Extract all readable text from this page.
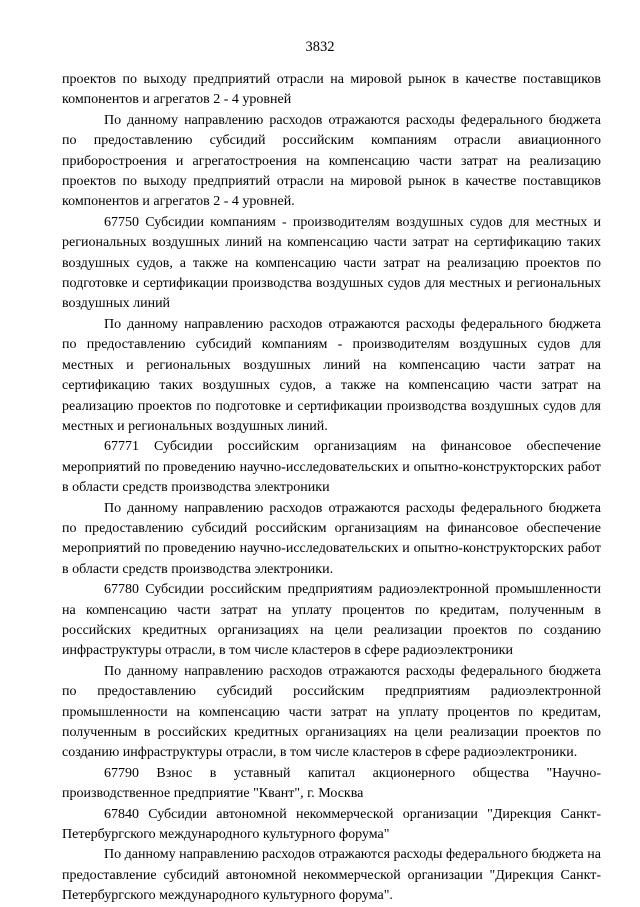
3832

проектов по выходу предприятий отрасли на мировой рынок в качестве поставщиков компонентов и агрегатов 2 - 4 уровней

По данному направлению расходов отражаются расходы федерального бюджета по предоставлению субсидий российским компаниям отрасли авиационного приборостроения и агрегатостроения на компенсацию части затрат на реализацию проектов по выходу предприятий отрасли на мировой рынок в качестве поставщиков компонентов и агрегатов 2 - 4 уровней.

67750 Субсидии компаниям - производителям воздушных судов для местных и региональных воздушных линий на компенсацию части затрат на сертификацию таких воздушных судов, а также на компенсацию части затрат на реализацию проектов по подготовке и сертификации производства воздушных судов для местных и региональных воздушных линий

По данному направлению расходов отражаются расходы федерального бюджета по предоставлению субсидий компаниям - производителям воздушных судов для местных и региональных воздушных линий на компенсацию части затрат на сертификацию таких воздушных судов, а также на компенсацию части затрат на реализацию проектов по подготовке и сертификации производства воздушных судов для местных и региональных воздушных линий.

67771 Субсидии российским организациям на финансовое обеспечение мероприятий по проведению научно-исследовательских и опытно-конструкторских работ в области средств производства электроники

По данному направлению расходов отражаются расходы федерального бюджета по предоставлению субсидий российским организациям на финансовое обеспечение мероприятий по проведению научно-исследовательских и опытно-конструкторских работ в области средств производства электроники.

67780 Субсидии российским предприятиям радиоэлектронной промышленности на компенсацию части затрат на уплату процентов по кредитам, полученным в российских кредитных организациях на цели реализации проектов по созданию инфраструктуры отрасли, в том числе кластеров в сфере радиоэлектроники

По данному направлению расходов отражаются расходы федерального бюджета по предоставлению субсидий российским предприятиям радиоэлектронной промышленности на компенсацию части затрат на уплату процентов по кредитам, полученным в российских кредитных организациях на цели реализации проектов по созданию инфраструктуры отрасли, в том числе кластеров в сфере радиоэлектроники.

67790 Взнос в уставный капитал акционерного общества "Научно-производственное предприятие "Квант", г. Москва

67840 Субсидии автономной некоммерческой организации "Дирекция Санкт-Петербургского международного культурного форума"

По данному направлению расходов отражаются расходы федерального бюджета на предоставление субсидий автономной некоммерческой организации "Дирекция Санкт-Петербургского международного культурного форума".
